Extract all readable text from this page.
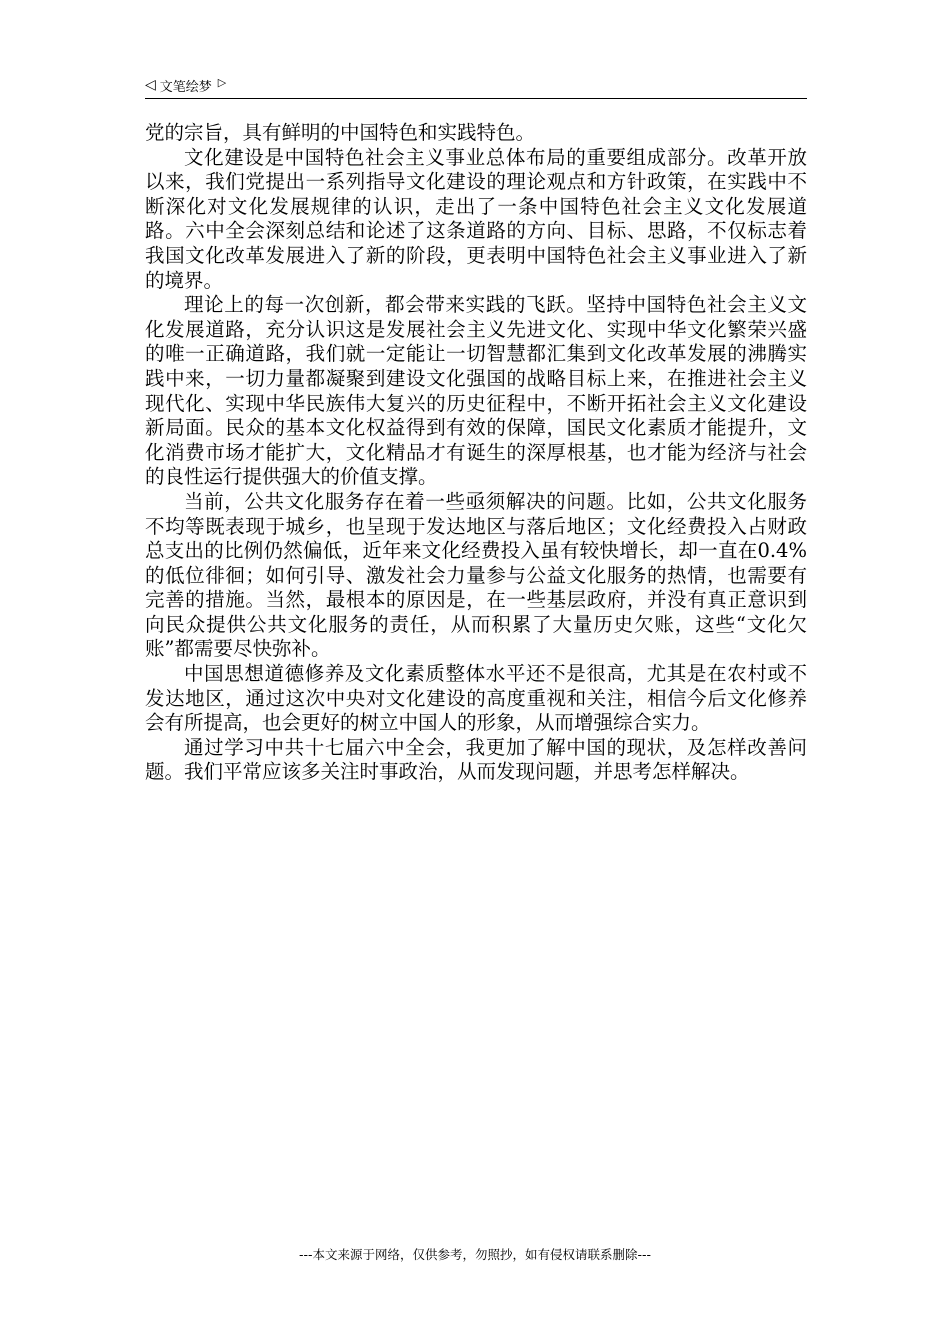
◁ 文笔绘梦 ▷

党的宗旨，具有鲜明的中国特色和实践特色。

文化建设是中国特色社会主义事业总体布局的重要组成部分。改革开放以来，我们党提出一系列指导文化建设的理论观点和方针政策，在实践中不断深化对文化发展规律的认识，走出了一条中国特色社会主义文化发展道路。六中全会深刻总结和论述了这条道路的方向、目标、思路，不仅标志着我国文化改革发展进入了新的阶段，更表明中国特色社会主义事业进入了新的境界。

理论上的每一次创新，都会带来实践的飞跃。坚持中国特色社会主义文化发展道路，充分认识这是发展社会主义先进文化、实现中华文化繁荣兴盛的唯一正确道路，我们就一定能让一切智慧都汇集到文化改革发展的沸腾实践中来，一切力量都凝聚到建设文化强国的战略目标上来，在推进社会主义现代化、实现中华民族伟大复兴的历史征程中，不断开拓社会主义文化建设新局面。民众的基本文化权益得到有效的保障，国民文化素质才能提升，文化消费市场才能扩大，文化精品才有诞生的深厚根基，也才能为经济与社会的良性运行提供强大的价值支撑。

当前，公共文化服务存在着一些亟须解决的问题。比如，公共文化服务不均等既表现于城乡，也呈现于发达地区与落后地区；文化经费投入占财政总支出的比例仍然偏低，近年来文化经费投入虽有较快增长，却一直在0.4%的低位徘徊；如何引导、激发社会力量参与公益文化服务的热情，也需要有完善的措施。当然，最根本的原因是，在一些基层政府，并没有真正意识到向民众提供公共文化服务的责任，从而积累了大量历史欠账，这些“文化欠账”都需要尽快弥补。

中国思想道德修养及文化素质整体水平还不是很高，尤其是在农村或不发达地区，通过这次中央对文化建设的高度重视和关注，相信今后文化修养会有所提高，也会更好的树立中国人的形象，从而增强综合实力。

通过学习中共十七届六中全会，我更加了解中国的现状，及怎样改善问题。我们平常应该多关注时事政治，从而发现问题，并思考怎样解决。

---本文来源于网络，仅供参考，勿照抄，如有侵权请联系删除---
